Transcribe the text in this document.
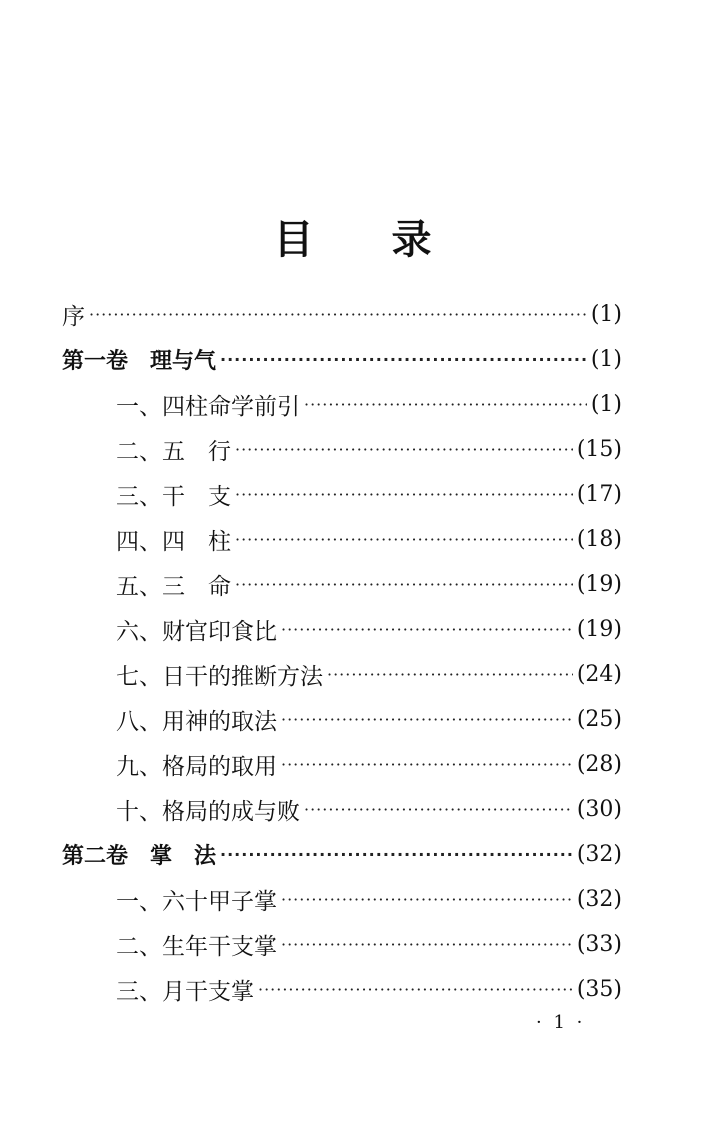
目 录
序 ·····	(1)
第一卷　理与气 ·····	(1)
一、四柱命学前引 ·····	(1)
二、五　行 ·····	(15)
三、干　支 ·····	(17)
四、四　柱 ·····	(18)
五、三　命 ·····	(19)
六、财官印食比 ·····	(19)
七、日干的推断方法 ·····	(24)
八、用神的取法 ·····	(25)
九、格局的取用 ·····	(28)
十、格局的成与败 ·····	(30)
第二卷　掌　法 ·····	(32)
一、六十甲子掌 ·····	(32)
二、生年干支掌 ·····	(33)
三、月干支掌 ·····	(35)
· 1 ·
